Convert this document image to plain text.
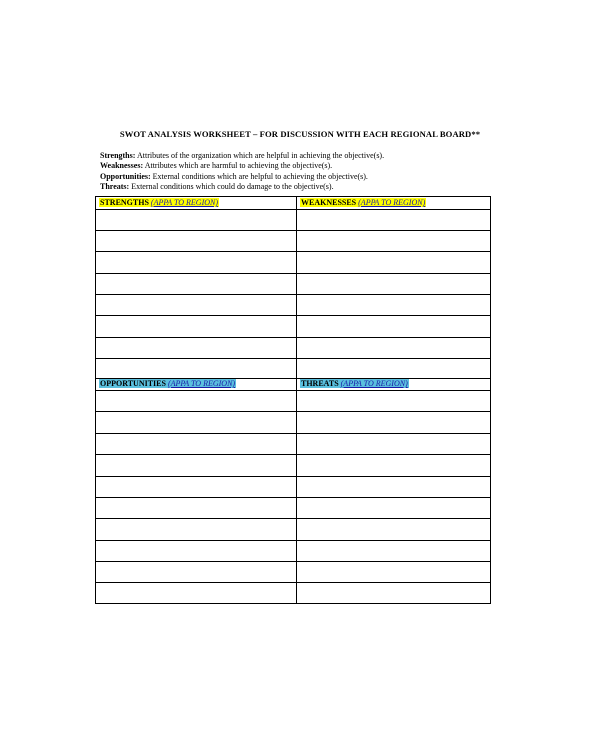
SWOT ANALYSIS WORKSHEET – FOR DISCUSSION WITH EACH REGIONAL BOARD**
Strengths: Attributes of the organization which are helpful in achieving the objective(s).
Weaknesses: Attributes which are harmful to achieving the objective(s).
Opportunities: External conditions which are helpful to achieving the objective(s).
Threats: External conditions which could do damage to the objective(s).
STRENGTHS (APPA TO REGION)	WEAKNESSES (APPA TO REGION)
OPPORTUNITIES (APPA TO REGION)	THREATS (APPA TO REGION)
